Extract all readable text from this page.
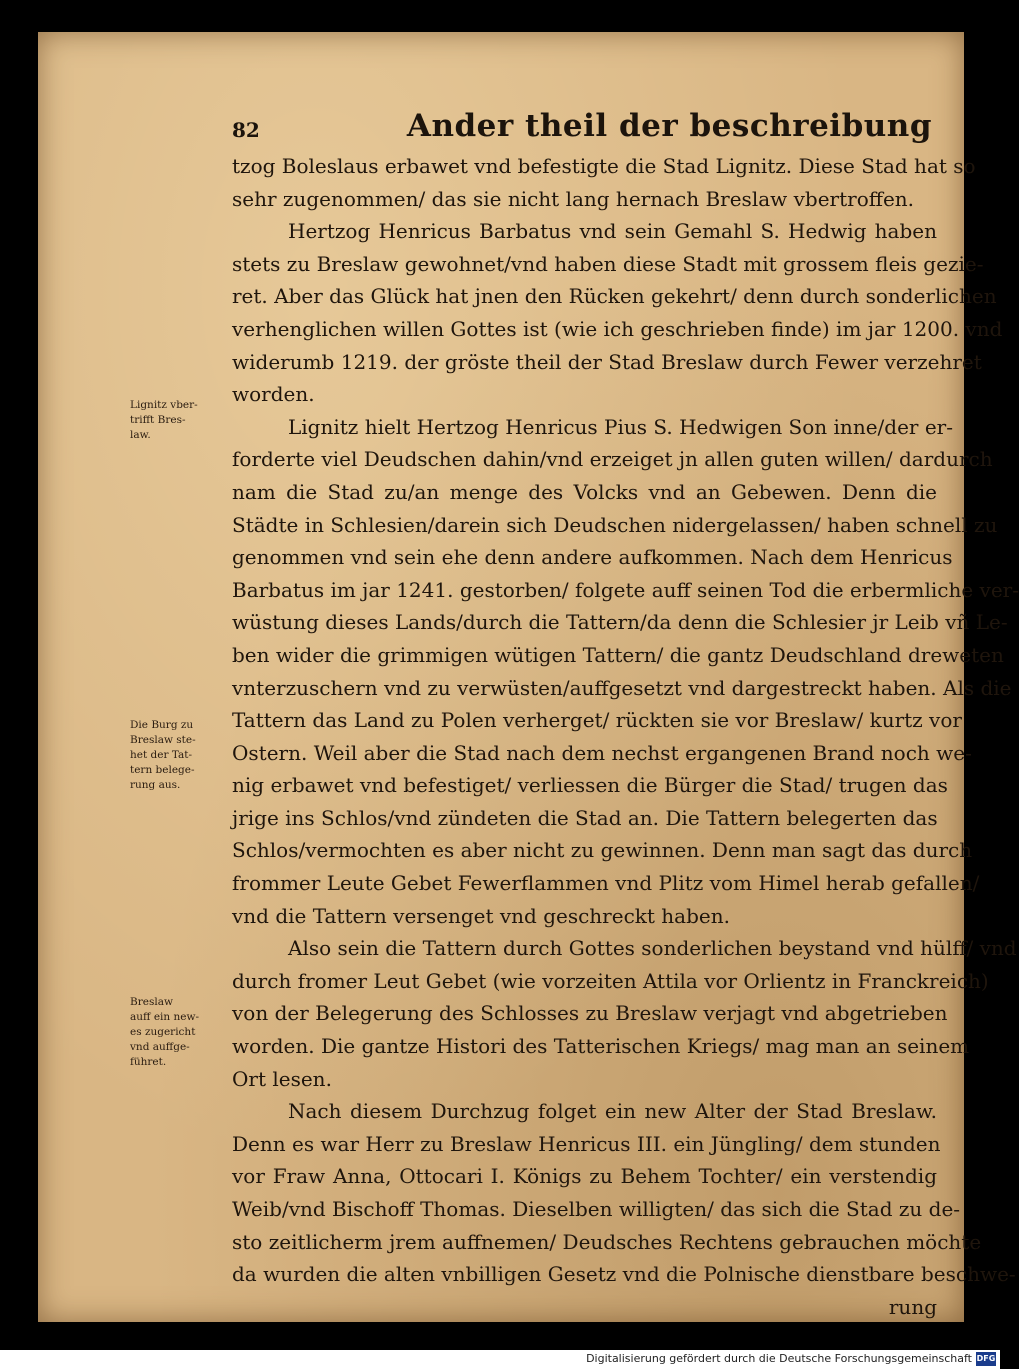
82	Ander theil der beschreibung
tzog Boleslaus erbawet vnd befestigte die Stad Lignitz. Diese Stad hat so
sehr zugenommen/ das sie nicht lang hernach Breslaw vbertroffen.
Hertzog Henricus Barbatus vnd sein Gemahl S. Hedwig haben
stets zu Breslaw gewohnet/vnd haben diese Stadt mit grossem fleis gezie-
ret. Aber das Glück hat jnen den Rücken gekehrt/ denn durch sonderlichen
verhenglichen willen Gottes ist (wie ich geschrieben finde) im jar 1200. vnd
widerumb 1219. der gröste theil der Stad Breslaw durch Fewer verzehret
worden.
Lignitz hielt Hertzog Henricus Pius S. Hedwigen Son inne/der er-
forderte viel Deudschen dahin/vnd erzeiget jn allen guten willen/ dardurch
nam die Stad zu/an menge des Volcks vnd an Gebewen. Denn die
Städte in Schlesien/darein sich Deudschen nidergelassen/ haben schnell zu
genommen vnd sein ehe denn andere aufkommen. Nach dem Henricus
Barbatus im jar 1241. gestorben/ folgete auff seinen Tod die erbermliche ver-
wüstung dieses Lands/durch die Tattern/da denn die Schlesier jr Leib vñ Le-
ben wider die grimmigen wütigen Tattern/ die gantz Deudschland dreweten
vnterzuschern vnd zu verwüsten/auffgesetzt vnd dargestreckt haben. Als die
Tattern das Land zu Polen verherget/ rückten sie vor Breslaw/ kurtz vor
Ostern. Weil aber die Stad nach dem nechst ergangenen Brand noch we-
nig erbawet vnd befestiget/ verliessen die Bürger die Stad/ trugen das
jrige ins Schlos/vnd zündeten die Stad an. Die Tattern belegerten das
Schlos/vermochten es aber nicht zu gewinnen. Denn man sagt das durch
frommer Leute Gebet Fewerflammen vnd Plitz vom Himel herab gefallen/
vnd die Tattern versenget vnd geschreckt haben.
Also sein die Tattern durch Gottes sonderlichen beystand vnd hülff/ vnd
durch fromer Leut Gebet (wie vorzeiten Attila vor Orlientz in Franckreich)
von der Belegerung des Schlosses zu Breslaw verjagt vnd abgetrieben
worden. Die gantze Histori des Tatterischen Kriegs/ mag man an seinem
Ort lesen.
Nach diesem Durchzug folget ein new Alter der Stad Breslaw.
Denn es war Herr zu Breslaw Henricus III. ein Jüngling/ dem stunden
vor Fraw Anna, Ottocari I. Königs zu Behem Tochter/ ein verstendig
Weib/vnd Bischoff Thomas. Dieselben willigten/ das sich die Stad zu de-
sto zeitlicherm jrem auffnemen/ Deudsches Rechtens gebrauchen möchte
da wurden die alten vnbilligen Gesetz vnd die Polnische dienstbare beschwe-
rung
Lignitz vber-
trifft Bres-
law.
Die Burg zu
Breslaw ste-
het der Tat-
tern belege-
rung aus.
Breslaw
auff ein new-
es zugericht
vnd auffge-
führet.
Digitalisierung gefördert durch die Deutsche Forschungsgemeinschaft DFG
